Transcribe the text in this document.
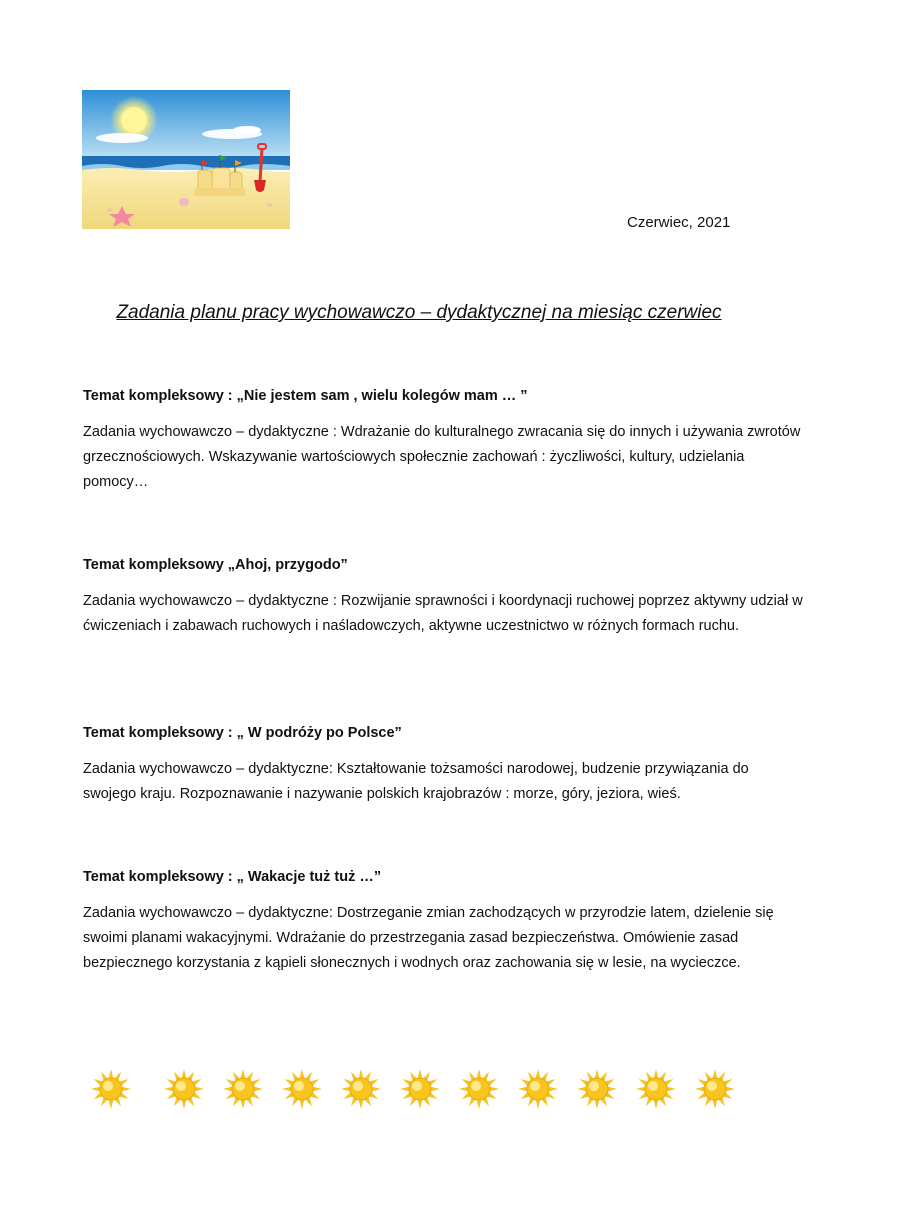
Czerwiec, 2021
Zadania planu pracy wychowawczo – dydaktycznej na miesiąc czerwiec

Temat kompleksowy : „Nie jestem sam , wielu kolegów mam … ”

Zadania wychowawczo – dydaktyczne : Wdrażanie do kulturalnego zwracania się do innych i używania zwrotów grzecznościowych. Wskazywanie wartościowych społecznie zachowań : życzliwości, kultury, udzielania pomocy…

Temat kompleksowy „Ahoj, przygodo”

Zadania wychowawczo – dydaktyczne : Rozwijanie sprawności i koordynacji ruchowej poprzez aktywny udział w ćwiczeniach i zabawach ruchowych i naśladowczych, aktywne uczestnictwo w różnych formach ruchu.

Temat kompleksowy : „ W podróży po Polsce”

Zadania wychowawczo – dydaktyczne: Kształtowanie tożsamości narodowej, budzenie przywiązania do swojego kraju. Rozpoznawanie i nazywanie polskich krajobrazów : morze, góry, jeziora, wieś.

Temat kompleksowy : „ Wakacje tuż tuż …”

Zadania wychowawczo – dydaktyczne: Dostrzeganie zmian zachodzących w przyrodzie latem, dzielenie się swoimi planami wakacyjnymi. Wdrażanie do przestrzegania zasad bezpieczeństwa. Omówienie zasad bezpiecznego korzystania z kąpieli słonecznych i wodnych oraz zachowania się w lesie, na wycieczce.
